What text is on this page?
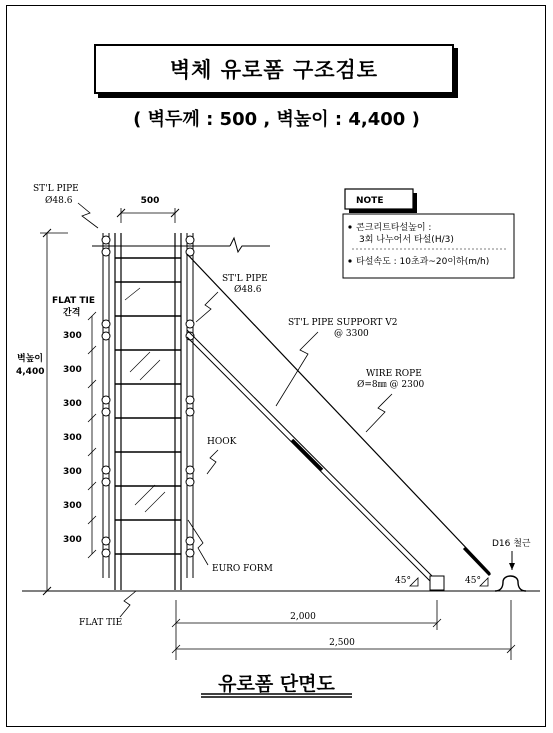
벽체 유로폼 구조검토
( 벽두께 : 500 , 벽높이 : 4,400 )
ST'L PIPE
Ø48.6	500
ST'L PIPE
Ø48.6
FLAT TIE
간격
벽높이
4,400
300
300
300
300
300
300
300
ST'L PIPE SUPPORT V2
@ 3300
WIRE ROPE
Ø=8㎜ @ 2300
HOOK
EURO FORM
FLAT TIE
D16 철근
45°	45°
2,000
2,500
NOTE
콘크리트타설높이 :
3회 나누어서 타설(H/3)
타설속도 : 10초과~20이하(m/h)
유로폼 단면도
